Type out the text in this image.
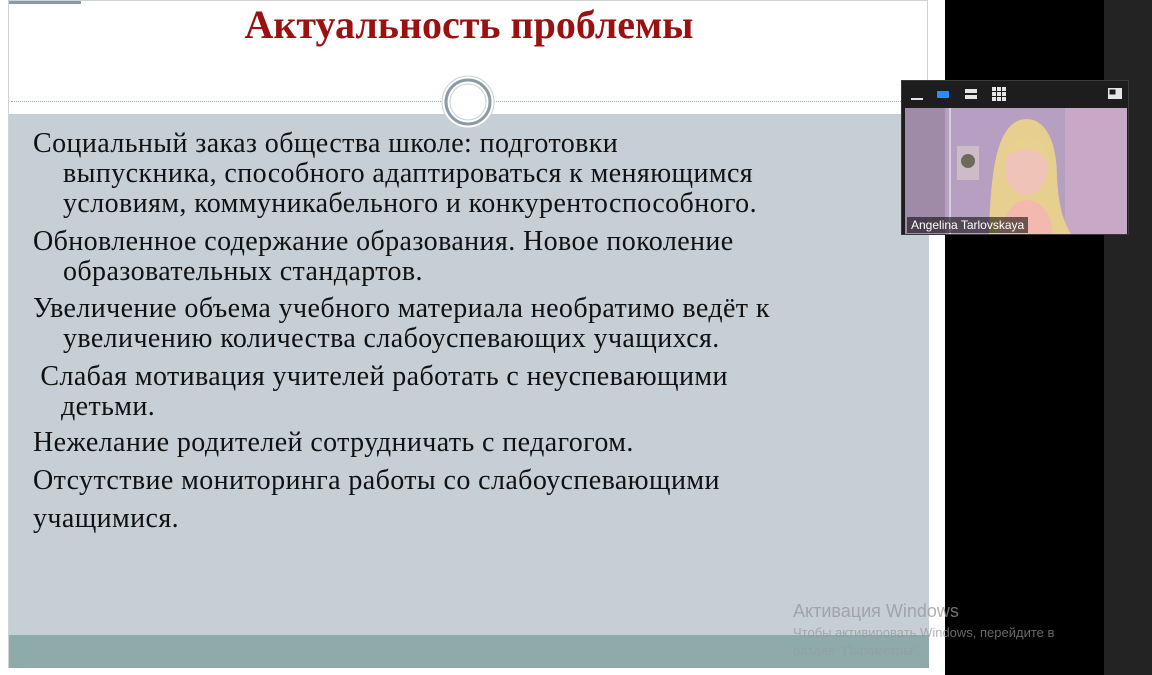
Актуальность проблемы
Социальный заказ общества школе: подготовки
выпускника, способного адаптироваться к меняющимся
условиям, коммуникабельного и конкурентоспособного.
Обновленное содержание образования. Новое поколение
образовательных стандартов.
Увеличение объема учебного материала необратимо ведёт к
увеличению количества слабоуспевающих учащихся.
Слабая мотивация учителей работать с неуспевающими
детьми.
Нежелание родителей сотрудничать с педагогом.
Отсутствие мониторинга работы со слабоуспевающими
учащимися.
Angelina Tarlovskaya
Активация Windows
Чтобы активировать Windows, перейдите в
раздел "Параметры".
